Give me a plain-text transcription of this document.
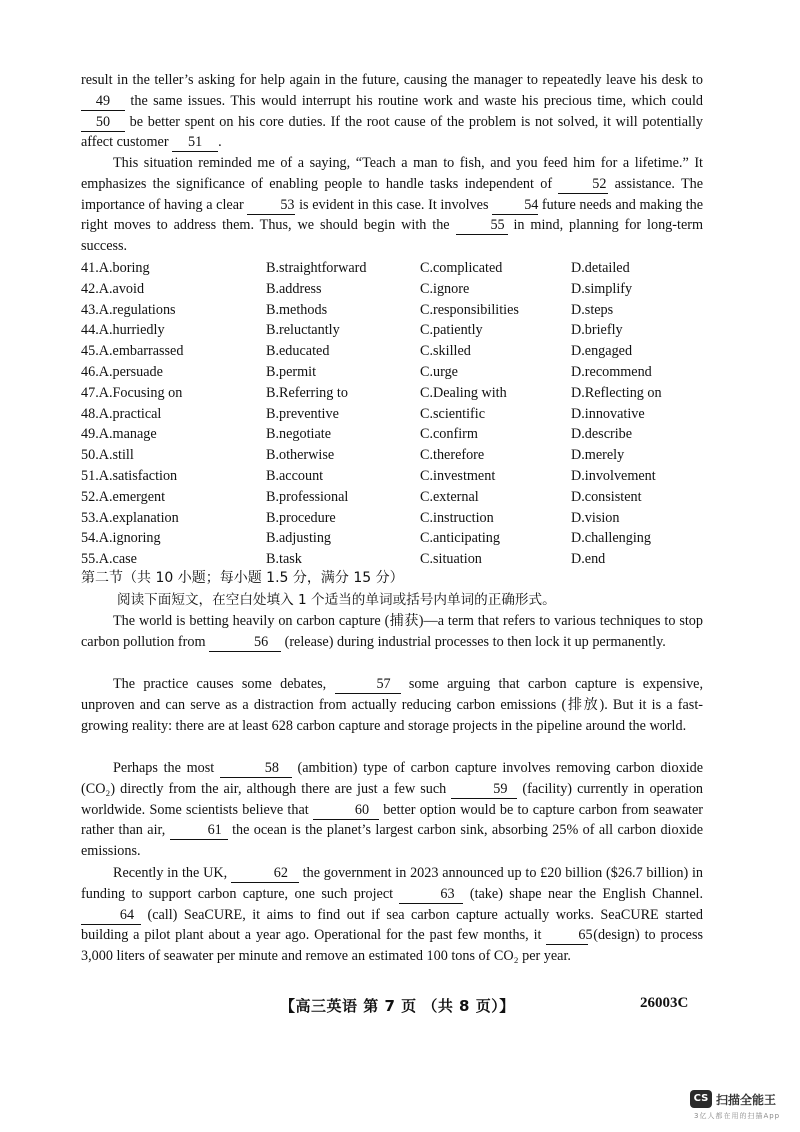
result in the teller’s asking for help again in the future, causing the manager to repeatedly leave his desk to 49 the same issues. This would interrupt his routine work and waste his precious time, which could 50 be better spent on his core duties. If the root cause of the problem is not solved, it will potentially affect customer 51 .

This situation reminded me of a saying, “Teach a man to fish, and you feed him for a lifetime.” It emphasizes the significance of enabling people to handle tasks independent of	52 assistance. The importance of having a clear	53 is evident in this case. It involves	54 future needs and making the right moves to address them. Thus, we should begin with the	55 in mind, planning for long-term success.

41.A.boring	B.straightforward	C.complicated	D.detailed
42.A.avoid	B.address	C.ignore	D.simplify
43.A.regulations	B.methods	C.responsibilities	D.steps
44.A.hurriedly	B.reluctantly	C.patiently	D.briefly
45.A.embarrassed	B.educated	C.skilled	D.engaged
46.A.persuade	B.permit	C.urge	D.recommend
47.A.Focusing on	B.Referring to	C.Dealing with	D.Reflecting on
48.A.practical	B.preventive	C.scientific	D.innovative
49.A.manage	B.negotiate	C.confirm	D.describe
50.A.still	B.otherwise	C.therefore	D.merely
51.A.satisfaction	B.account	C.investment	D.involvement
52.A.emergent	B.professional	C.external	D.consistent
53.A.explanation	B.procedure	C.instruction	D.vision
54.A.ignoring	B.adjusting	C.anticipating	D.challenging
55.A.case	B.task	C.situation	D.end
第二节（共 10 小题；每小题 1.5 分，满分 15 分）
阅读下面短文，在空白处填入 1 个适当的单词或括号内单词的正确形式。

The world is betting heavily on carbon capture (捕获)—a term that refers to various techniques to stop carbon pollution from	56 (release) during industrial processes to then lock it up permanently.

The practice causes some debates,	57 some arguing that carbon capture is expensive, unproven and can serve as a distraction from actually reducing carbon emissions (排放). But it is a fast-growing reality: there are at least 628 carbon capture and storage projects in the pipeline around the world.

Perhaps the most	58 (ambition) type of carbon capture involves removing carbon dioxide (CO₂) directly from the air, although there are just a few such	59 (facility) currently in operation worldwide. Some scientists believe that	60 better option would be to capture carbon from seawater rather than air,	61 the ocean is the planet’s largest carbon sink, absorbing 25% of all carbon dioxide emissions.

Recently in the UK,	62 the government in 2023 announced up to £20 billion ($26.7 billion) in funding to support carbon capture, one such project	63 (take) shape near the English Channel. 64 (call) SeaCURE, it aims to find out if sea carbon capture actually works. SeaCURE started building a pilot plant about a year ago. Operational for the past few months, it	65 (design) to process 3,000 liters of seawater per minute and remove an estimated 100 tons of CO₂ per year.

【高三英语 第 7 页 （共 8 页）】	26003C
CS 扫描全能王
3亿人都在用的扫描App
